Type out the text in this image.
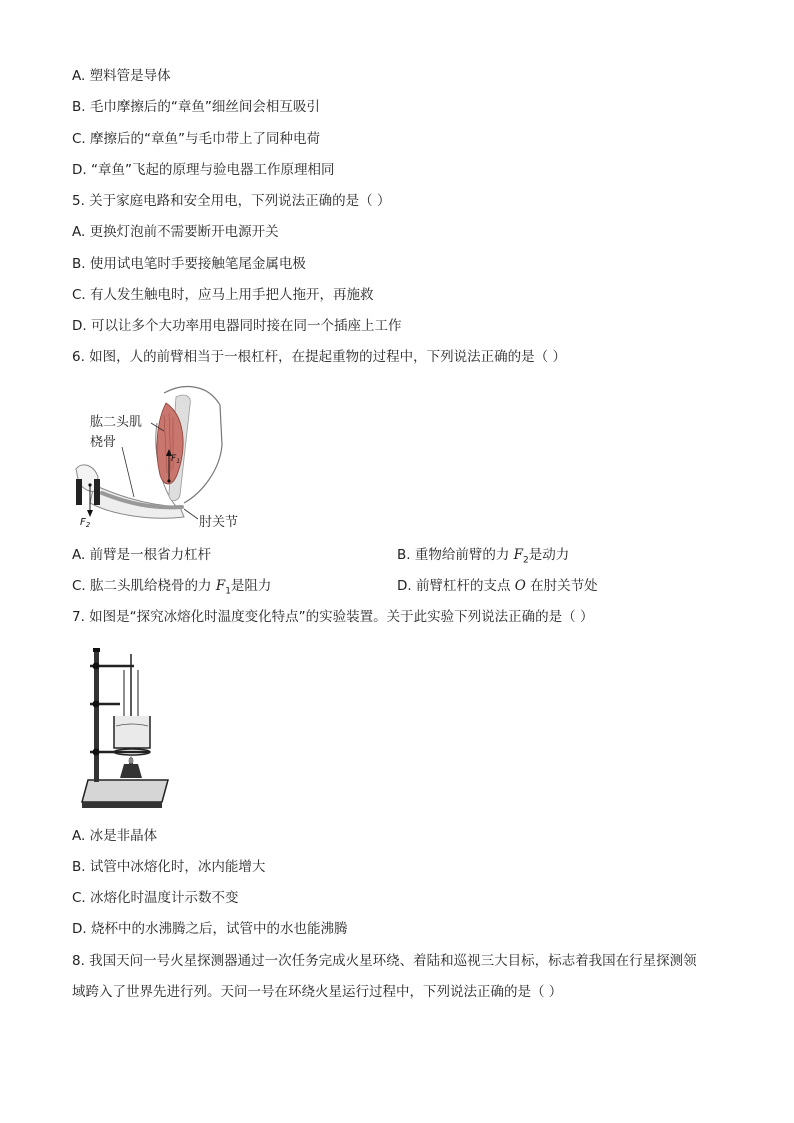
A. 塑料管是导体
B. 毛巾摩擦后的“章鱼”细丝间会相互吸引
C. 摩擦后的“章鱼”与毛巾带上了同种电荷
D. “章鱼”飞起的原理与验电器工作原理相同
5. 关于家庭电路和安全用电，下列说法正确的是（ ）
A. 更换灯泡前不需要断开电源开关
B. 使用试电笔时手要接触笔尾金属电极
C. 有人发生触电时，应马上用手把人拖开，再施救
D. 可以让多个大功率用电器同时接在同一个插座上工作
6. 如图，人的前臂相当于一根杠杆，在提起重物的过程中，下列说法正确的是（ ）
肱二头肌
桡骨
肘关节
$F_1$
$F_2$
A. 前臂是一根省力杠杆	B. 重物给前臂的力 $F_2$是动力
C. 肱二头肌给桡骨的力 $F_1$是阻力	D. 前臂杠杆的支点 O 在肘关节处
7. 如图是“探究冰熔化时温度变化特点”的实验装置。关于此实验下列说法正确的是（ ）
A. 冰是非晶体
B. 试管中冰熔化时，冰内能增大
C. 冰熔化时温度计示数不变
D. 烧杯中的水沸腾之后，试管中的水也能沸腾
8. 我国天问一号火星探测器通过一次任务完成火星环绕、着陆和巡视三大目标，标志着我国在行星探测领
域跨入了世界先进行列。天问一号在环绕火星运行过程中，下列说法正确的是（ ）
